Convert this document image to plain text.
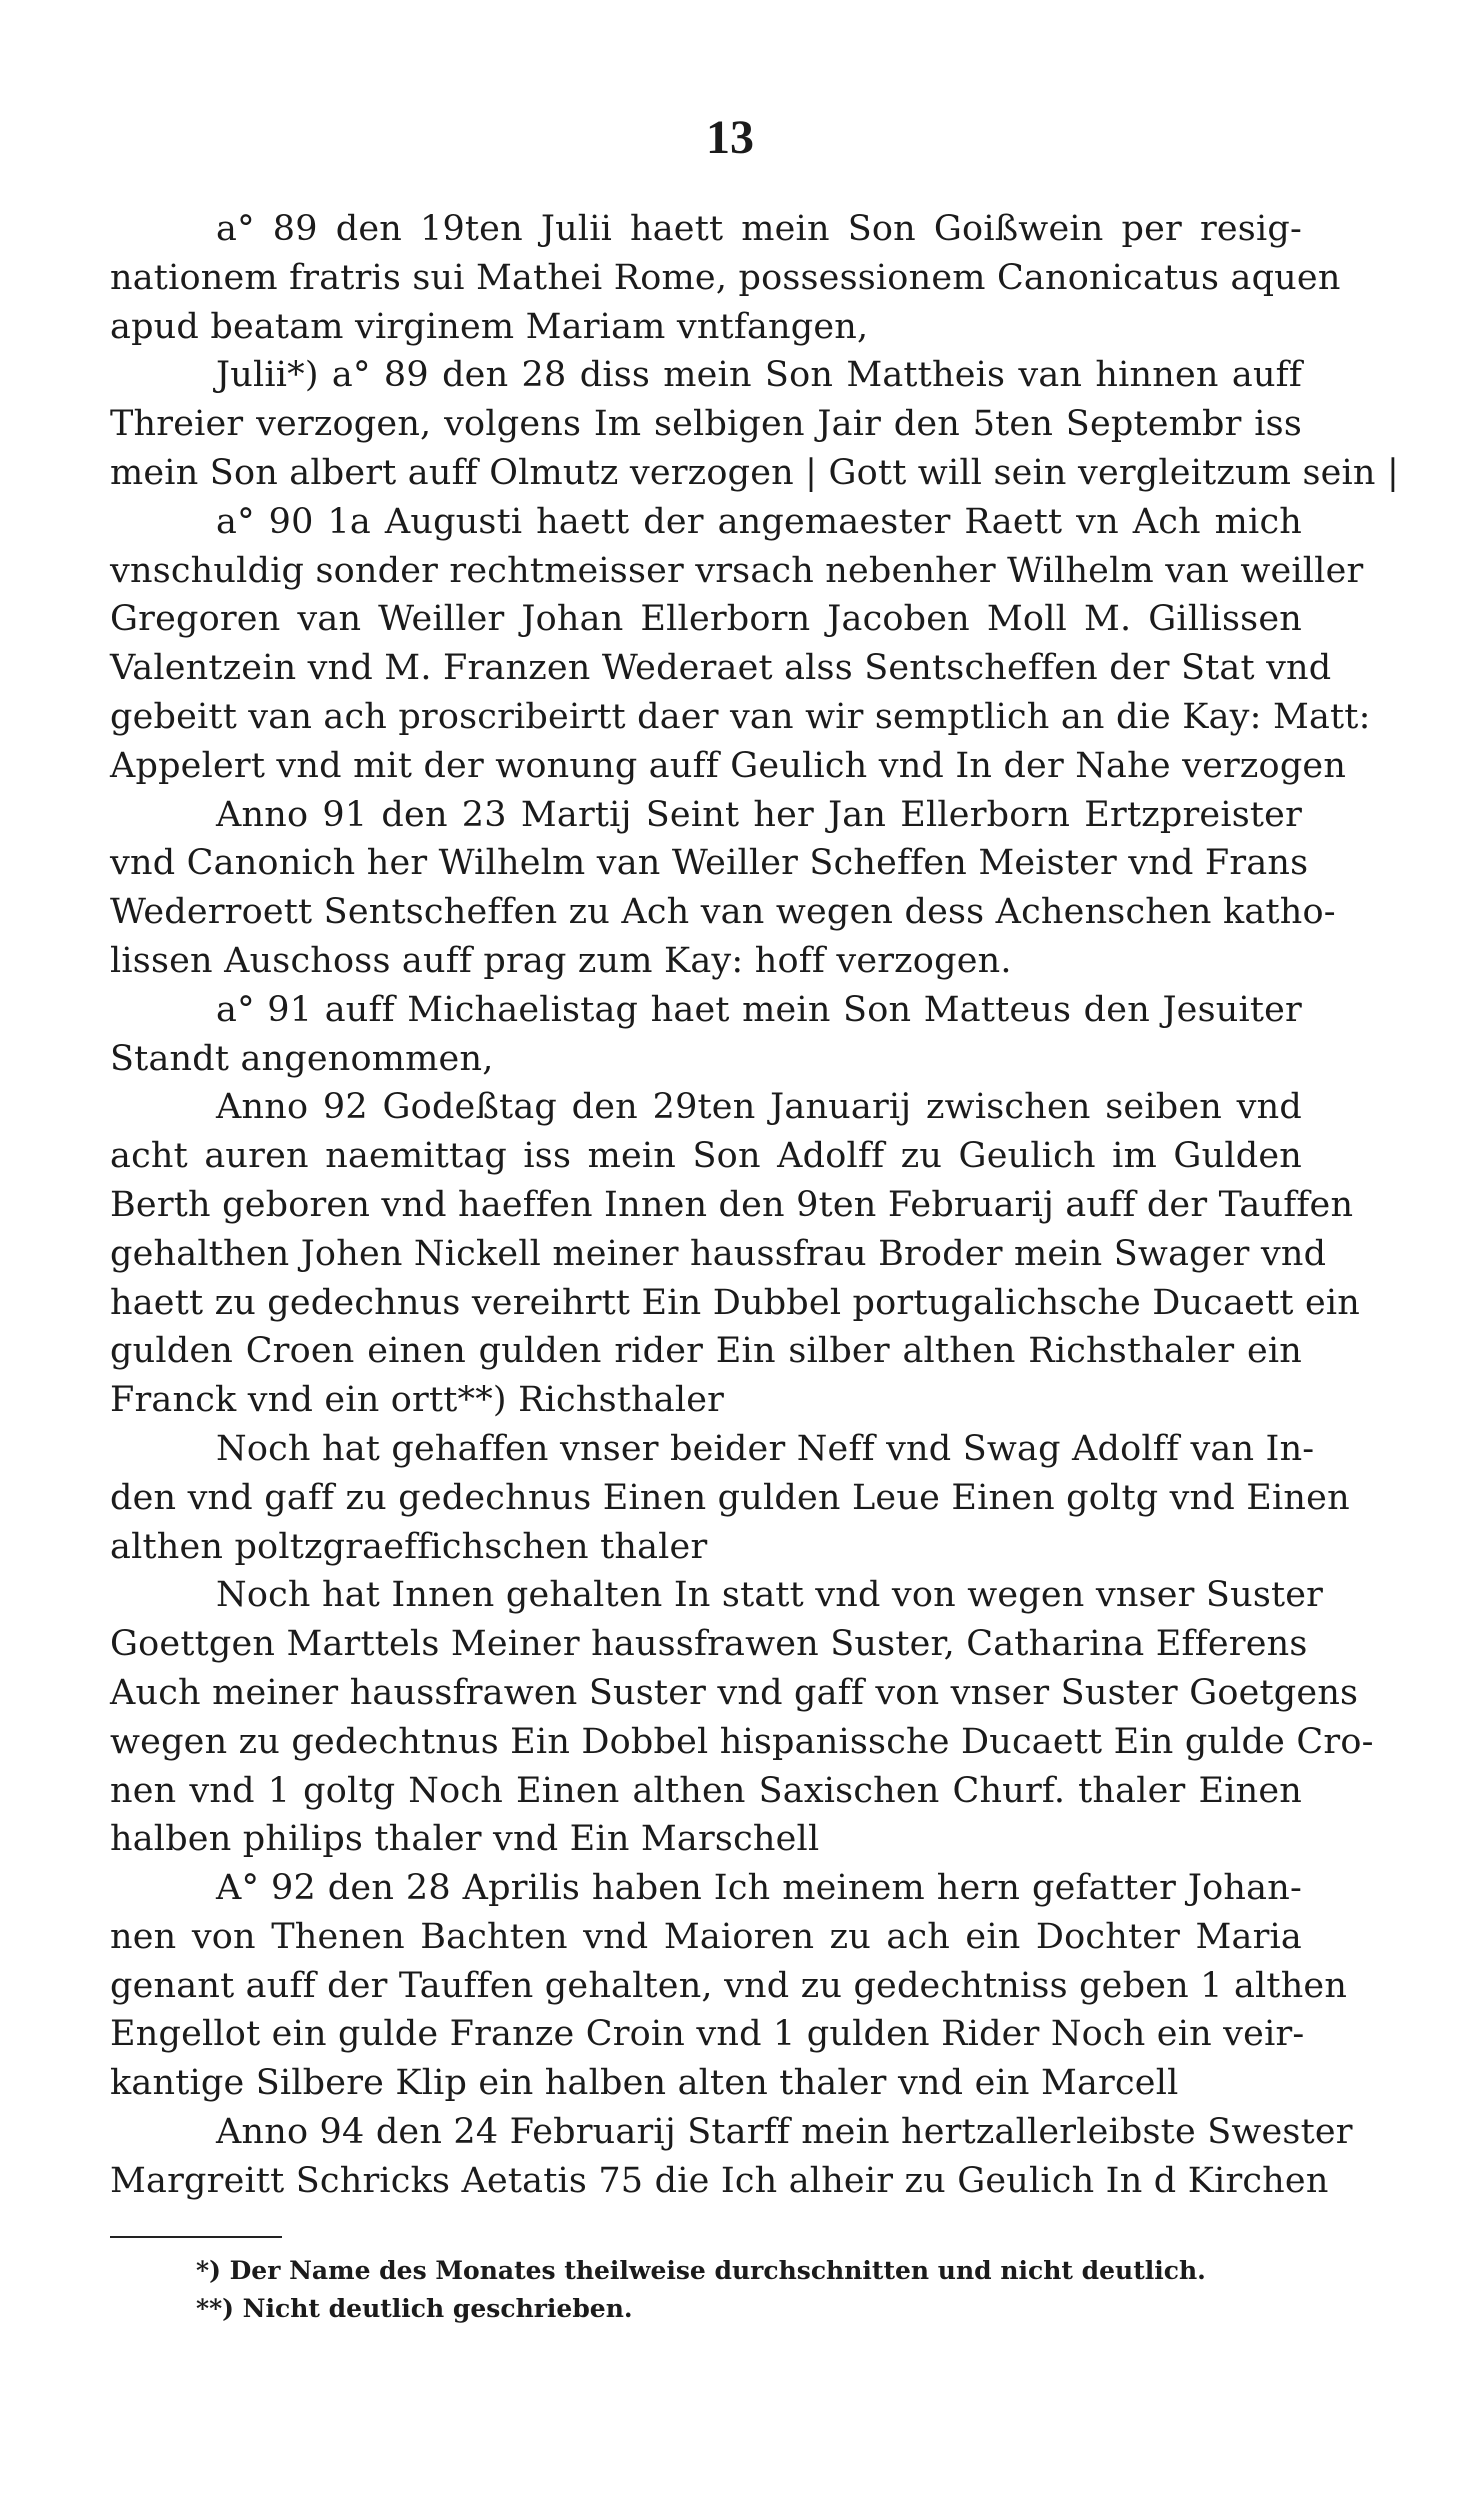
13
a° 89 den 19ten Julii haett mein Son Goißwein per resig-
nationem fratris sui Mathei Rome, possessionem Canonicatus aquen
apud beatam virginem Mariam vntfangen,
Julii*) a° 89 den 28 diss mein Son Mattheis van hinnen auff
Threier verzogen, volgens Im selbigen Jair den 5ten Septembr iss
mein Son albert auff Olmutz verzogen | Gott will sein vergleitzum sein |
a° 90 1a Augusti haett der angemaester Raett vn Ach mich
vnschuldig sonder rechtmeisser vrsach nebenher Wilhelm van weiller
Gregoren van Weiller Johan Ellerborn Jacoben Moll M. Gillissen
Valentzein vnd M. Franzen Wederaet alss Sentscheffen der Stat vnd
gebeitt van ach proscribeirtt daer van wir semptlich an die Kay: Matt:
Appelert vnd mit der wonung auff Geulich vnd In der Nahe verzogen
Anno 91 den 23 Martij Seint her Jan Ellerborn Ertzpreister
vnd Canonich her Wilhelm van Weiller Scheffen Meister vnd Frans
Wederroett Sentscheffen zu Ach van wegen dess Achenschen katho-
lissen Auschoss auff prag zum Kay: hoff verzogen.
a° 91 auff Michaelistag haet mein Son Matteus den Jesuiter
Standt angenommen,
Anno 92 Godeßtag den 29ten Januarij zwischen seiben vnd
acht auren naemittag iss mein Son Adolff zu Geulich im Gulden
Berth geboren vnd haeffen Innen den 9ten Februarij auff der Tauffen
gehalthen Johen Nickell meiner haussfrau Broder mein Swager vnd
haett zu gedechnus vereihrtt Ein Dubbel portugalichsche Ducaett ein
gulden Croen einen gulden rider Ein silber althen Richsthaler ein
Franck vnd ein ortt**) Richsthaler
Noch hat gehaffen vnser beider Neff vnd Swag Adolff van In-
den vnd gaff zu gedechnus Einen gulden Leue Einen goltg vnd Einen
althen poltzgraeffichschen thaler
Noch hat Innen gehalten In statt vnd von wegen vnser Suster
Goettgen Marttels Meiner haussfrawen Suster, Catharina Efferens
Auch meiner haussfrawen Suster vnd gaff von vnser Suster Goetgens
wegen zu gedechtnus Ein Dobbel hispanissche Ducaett Ein gulde Cro-
nen vnd 1 goltg Noch Einen althen Saxischen Churf. thaler Einen
halben philips thaler vnd Ein Marschell
A° 92 den 28 Aprilis haben Ich meinem hern gefatter Johan-
nen von Thenen Bachten vnd Maioren zu ach ein Dochter Maria
genant auff der Tauffen gehalten, vnd zu gedechtniss geben 1 althen
Engellot ein gulde Franze Croin vnd 1 gulden Rider Noch ein veir-
kantige Silbere Klip ein halben alten thaler vnd ein Marcell
Anno 94 den 24 Februarij Starff mein hertzallerleibste Swester
Margreitt Schricks Aetatis 75 die Ich alheir zu Geulich In d Kirchen
*) Der Name des Monates theilweise durchschnitten und nicht deutlich.
**) Nicht deutlich geschrieben.
